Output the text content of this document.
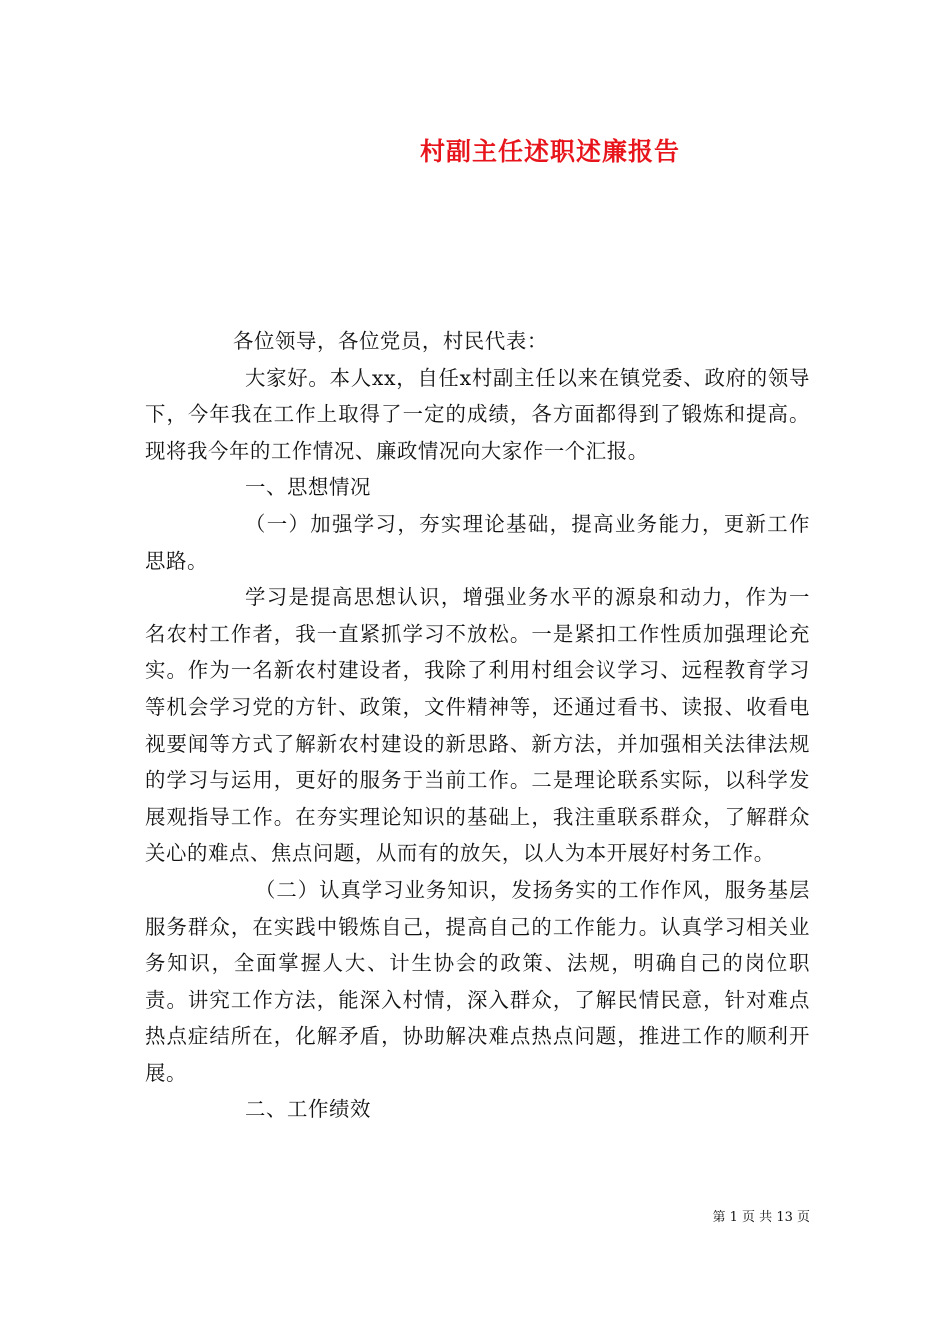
村副主任述职述廉报告

各位领导，各位党员，村民代表：

大家好。本人xx，自任x村副主任以来在镇党委、政府的领导下，今年我在工作上取得了一定的成绩，各方面都得到了锻炼和提高。现将我今年的工作情况、廉政情况向大家作一个汇报。

一、思想情况

（一）加强学习，夯实理论基础，提高业务能力，更新工作思路。

学习是提高思想认识，增强业务水平的源泉和动力，作为一名农村工作者，我一直紧抓学习不放松。一是紧扣工作性质加强理论充实。作为一名新农村建设者，我除了利用村组会议学习、远程教育学习等机会学习党的方针、政策，文件精神等，还通过看书、读报、收看电视要闻等方式了解新农村建设的新思路、新方法，并加强相关法律法规的学习与运用，更好的服务于当前工作。二是理论联系实际，以科学发展观指导工作。在夯实理论知识的基础上，我注重联系群众，了解群众关心的难点、焦点问题，从而有的放矢，以人为本开展好村务工作。

（二）认真学习业务知识，发扬务实的工作作风，服务基层服务群众，在实践中锻炼自己，提高自己的工作能力。认真学习相关业务知识，全面掌握人大、计生协会的政策、法规，明确自己的岗位职责。讲究工作方法，能深入村情，深入群众，了解民情民意，针对难点热点症结所在，化解矛盾，协助解决难点热点问题，推进工作的顺利开展。

二、工作绩效

第 1 页 共 13 页
